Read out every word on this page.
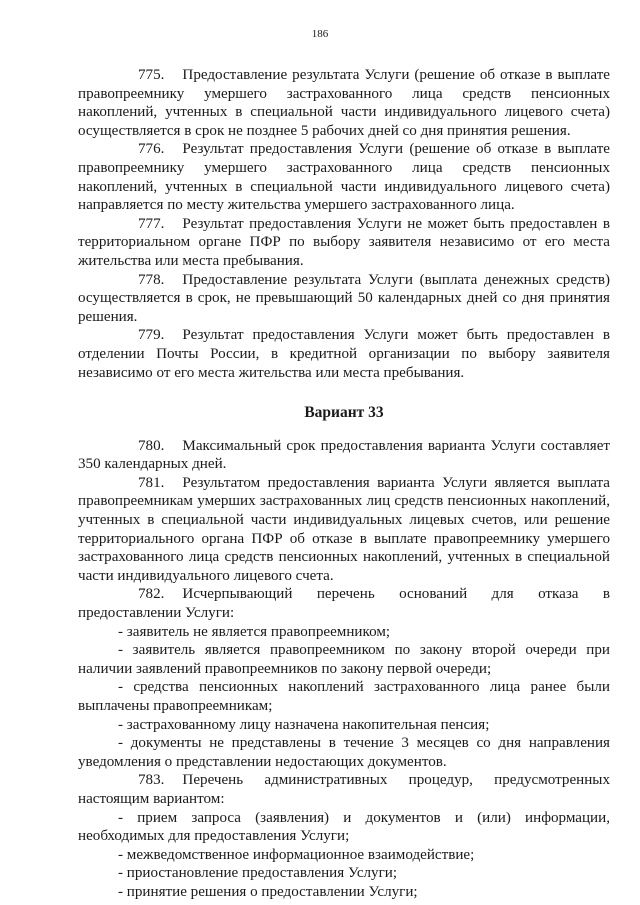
186

775. Предоставление результата Услуги (решение об отказе в выплате правопреемнику умершего застрахованного лица средств пенсионных накоплений, учтенных в специальной части индивидуального лицевого счета) осуществляется в срок не позднее 5 рабочих дней со дня принятия решения.

776. Результат предоставления Услуги (решение об отказе в выплате правопреемнику умершего застрахованного лица средств пенсионных накоплений, учтенных в специальной части индивидуального лицевого счета) направляется по месту жительства умершего застрахованного лица.

777. Результат предоставления Услуги не может быть предоставлен в территориальном органе ПФР по выбору заявителя независимо от его места жительства или места пребывания.

778. Предоставление результата Услуги (выплата денежных средств) осуществляется в срок, не превышающий 50 календарных дней со дня принятия решения.

779. Результат предоставления Услуги может быть предоставлен в отделении Почты России, в кредитной организации по выбору заявителя независимо от его места жительства или места пребывания.

Вариант 33

780. Максимальный срок предоставления варианта Услуги составляет 350 календарных дней.

781. Результатом предоставления варианта Услуги является выплата правопреемникам умерших застрахованных лиц средств пенсионных накоплений, учтенных в специальной части индивидуальных лицевых счетов, или решение территориального органа ПФР об отказе в выплате правопреемнику умершего застрахованного лица средств пенсионных накоплений, учтенных в специальной части индивидуального лицевого счета.

782. Исчерпывающий перечень оснований для отказа в предоставлении Услуги:

- заявитель не является правопреемником;

- заявитель является правопреемником по закону второй очереди при наличии заявлений правопреемников по закону первой очереди;

- средства пенсионных накоплений застрахованного лица ранее были выплачены правопреемникам;

- застрахованному лицу назначена накопительная пенсия;

- документы не представлены в течение 3 месяцев со дня направления уведомления о представлении недостающих документов.

783. Перечень административных процедур, предусмотренных настоящим вариантом:

- прием запроса (заявления) и документов и (или) информации, необходимых для предоставления Услуги;

- межведомственное информационное взаимодействие;

- приостановление предоставления Услуги;

- принятие решения о предоставлении Услуги;
